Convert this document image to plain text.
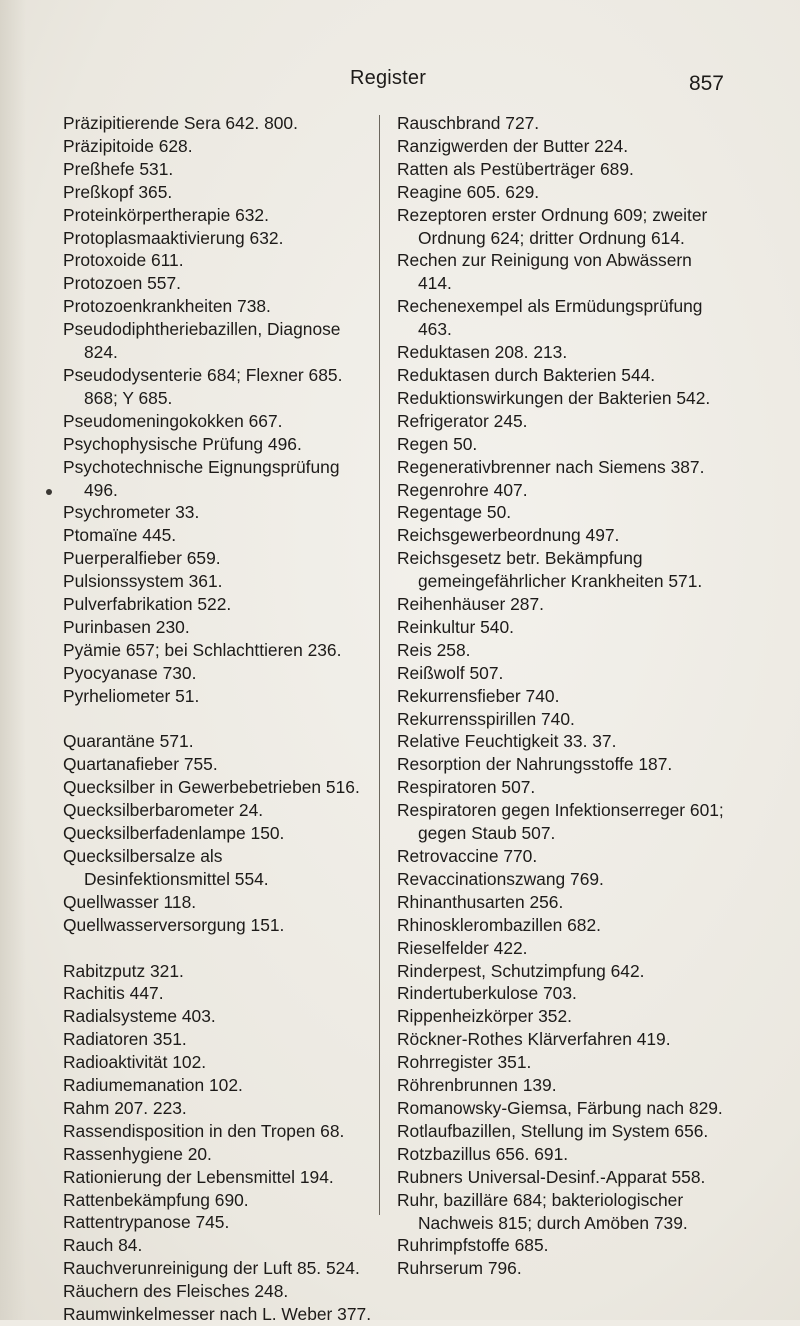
Register	857
Präzipitierende Sera 642. 800.
Präzipitoide 628.
Preßhefe 531.
Preßkopf 365.
Proteinkörpertherapie 632.
Protoplasmaaktivierung 632.
Protoxoide 611.
Protozoen 557.
Protozoenkrankheiten 738.
Pseudodiphtheriebazillen, Diagnose 824.
Pseudodysenterie 684; Flexner 685. 868; Y 685.
Pseudomeningokokken 667.
Psychophysische Prüfung 496.
Psychotechnische Eignungsprüfung 496.
Psychrometer 33.
Ptomaïne 445.
Puerperalfieber 659.
Pulsionssystem 361.
Pulverfabrikation 522.
Purinbasen 230.
Pyämie 657; bei Schlachttieren 236.
Pyocyanase 730.
Pyrheliometer 51.
Quarantäne 571.
Quartanafieber 755.
Quecksilber in Gewerbebetrieben 516.
Quecksilberbarometer 24.
Quecksilberfadenlampe 150.
Quecksilbersalze als Desinfektionsmittel 554.
Quellwasser 118.
Quellwasserversorgung 151.
Rabitzputz 321.
Rachitis 447.
Radialsysteme 403.
Radiatoren 351.
Radioaktivität 102.
Radiumemanation 102.
Rahm 207. 223.
Rassendisposition in den Tropen 68.
Rassenhygiene 20.
Rationierung der Lebensmittel 194.
Rattenbekämpfung 690.
Rattentrypanose 745.
Rauch 84.
Rauchverunreinigung der Luft 85. 524.
Räuchern des Fleisches 248.
Raumwinkelmesser nach L. Weber 377.
Rauschbrand 727.
Ranzigwerden der Butter 224.
Ratten als Pestüberträger 689.
Reagine 605. 629.
Rezeptoren erster Ordnung 609; zweiter Ordnung 624; dritter Ordnung 614.
Rechen zur Reinigung von Abwässern 414.
Rechenexempel als Ermüdungsprüfung 463.
Reduktasen 208. 213.
Reduktasen durch Bakterien 544.
Reduktionswirkungen der Bakterien 542.
Refrigerator 245.
Regen 50.
Regenerativbrenner nach Siemens 387.
Regenrohre 407.
Regentage 50.
Reichsgewerbeordnung 497.
Reichsgesetz betr. Bekämpfung gemeingefährlicher Krankheiten 571.
Reihenhäuser 287.
Reinkultur 540.
Reis 258.
Reißwolf 507.
Rekurrensfieber 740.
Rekurrensspirillen 740.
Relative Feuchtigkeit 33. 37.
Resorption der Nahrungsstoffe 187.
Respiratoren 507.
Respiratoren gegen Infektionserreger 601; gegen Staub 507.
Retrovaccine 770.
Revaccinationszwang 769.
Rhinanthusarten 256.
Rhinosklerombazillen 682.
Rieselfelder 422.
Rinderpest, Schutzimpfung 642.
Rindertuberkulose 703.
Rippenheizkörper 352.
Röckner-Rothes Klärverfahren 419.
Rohrregister 351.
Röhrenbrunnen 139.
Romanowsky-Giemsa, Färbung nach 829.
Rotlaufbazillen, Stellung im System 656.
Rotzbazillus 656. 691.
Rubners Universal-Desinf.-Apparat 558.
Ruhr, bazilläre 684; bakteriologischer Nachweis 815; durch Amöben 739.
Ruhrimpfstoffe 685.
Ruhrserum 796.
